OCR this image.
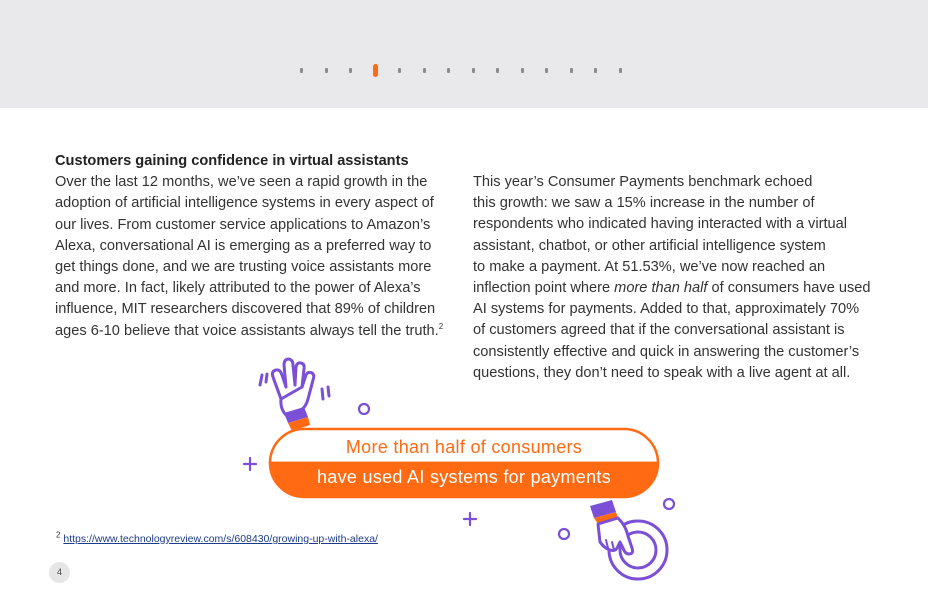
Customers gaining confidence in virtual assistants
Over the last 12 months, we’ve seen a rapid growth in the
adoption of artificial intelligence systems in every aspect of
our lives. From customer service applications to Amazon’s
Alexa, conversational AI is emerging as a preferred way to
get things done, and we are trusting voice assistants more
and more. In fact, likely attributed to the power of Alexa’s
influence, MIT researchers discovered that 89% of children
ages 6-10 believe that voice assistants always tell the truth.$^2$
This year’s Consumer Payments benchmark echoed
this growth: we saw a 15% increase in the number of
respondents who indicated having interacted with a virtual
assistant, chatbot, or other artificial intelligence system
to make a payment. At 51.53%, we’ve now reached an
inflection point where more than half of consumers have used
AI systems for payments. Added to that, approximately 70%
of customers agreed that if the conversational assistant is
consistently effective and quick in answering the customer’s
questions, they don’t need to speak with a live agent at all.
More than half of consumers
have used AI systems for payments
$^2$ https://www.technologyreview.com/s/608430/growing-up-with-alexa/
4
